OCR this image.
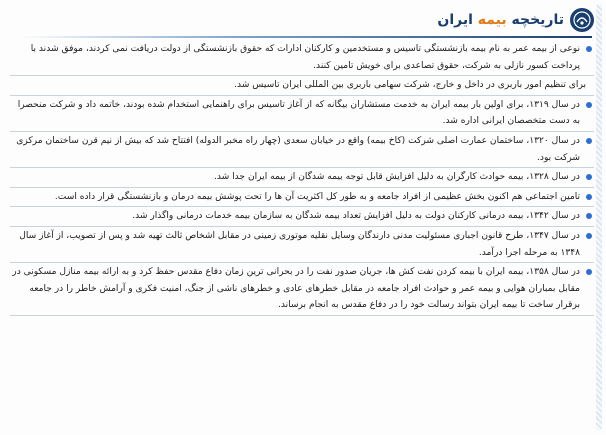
تاریخچه بیمه ایران
نوعی از بیمه عمر به نام بیمه بازنشستگی تاسیس و مستخدمین و کارکنان ادارات که حقوق بازنشستگی از دولت دریافت نمی کردند، موفق شدند با پرداخت کسور نازلی به شرکت، حقوق تصاعدی برای خویش تامین کنند.
برای تنظیم امور باربری در داخل و خارج، شرکت سهامی باربری بین المللی ایران تاسیس شد.
در سال ۱۳۱۹، برای اولین بار بیمه ایران به خدمت مستشاران بیگانه که از آغاز تاسیس برای راهنمایی استخدام شده بودند، خاتمه داد و شرکت منحصرا به دست متخصصان ایرانی اداره شد.
در سال ۱۳۲۰، ساختمان عمارت اصلی شرکت (کاخ بیمه) واقع در خیابان سعدی (چهار راه مخبر الدوله) افتتاح شد که بیش از نیم قرن ساختمان مرکزی شرکت بود.
در سال ۱۳۲۸، بیمه حوادث کارگران به دلیل افزایش قابل توجه بیمه شدگان از بیمه ایران جدا شد.
تامین اجتماعی هم اکنون بخش عظیمی از افراد جامعه و به طور کل اکثریت آن ها را تحت پوشش بیمه درمان و بازنشستگی قرار داده است.
در سال ۱۳۴۲، بیمه درمانی کارکنان دولت به دلیل افزایش تعداد بیمه شدگان به سازمان بیمه خدمات درمانی واگذار شد.
در سال ۱۳۴۷، طرح قانون اجباری مسئولیت مدنی دارندگان وسایل نقلیه موتوری زمینی در مقابل اشخاص ثالث تهیه شد و پس از تصویب، از آغاز سال ۱۳۴۸ به مرحله اجرا درآمد.
در سال ۱۳۵۸، بیمه ایران با بیمه کردن نفت کش ها، جریان صدور نفت را در بحرانی ترین زمان دفاع مقدس حفظ کرد و به ارائه بیمه منازل مسکونی در مقابل بمباران هوایی و بیمه عمر و حوادث افراد جامعه در مقابل خطرهای عادی و خطرهای ناشی از جنگ، امنیت فکری و آرامش خاطر را در جامعه برقرار ساخت تا بیمه ایران بتواند رسالت خود را در دفاع مقدس به انجام برساند.
